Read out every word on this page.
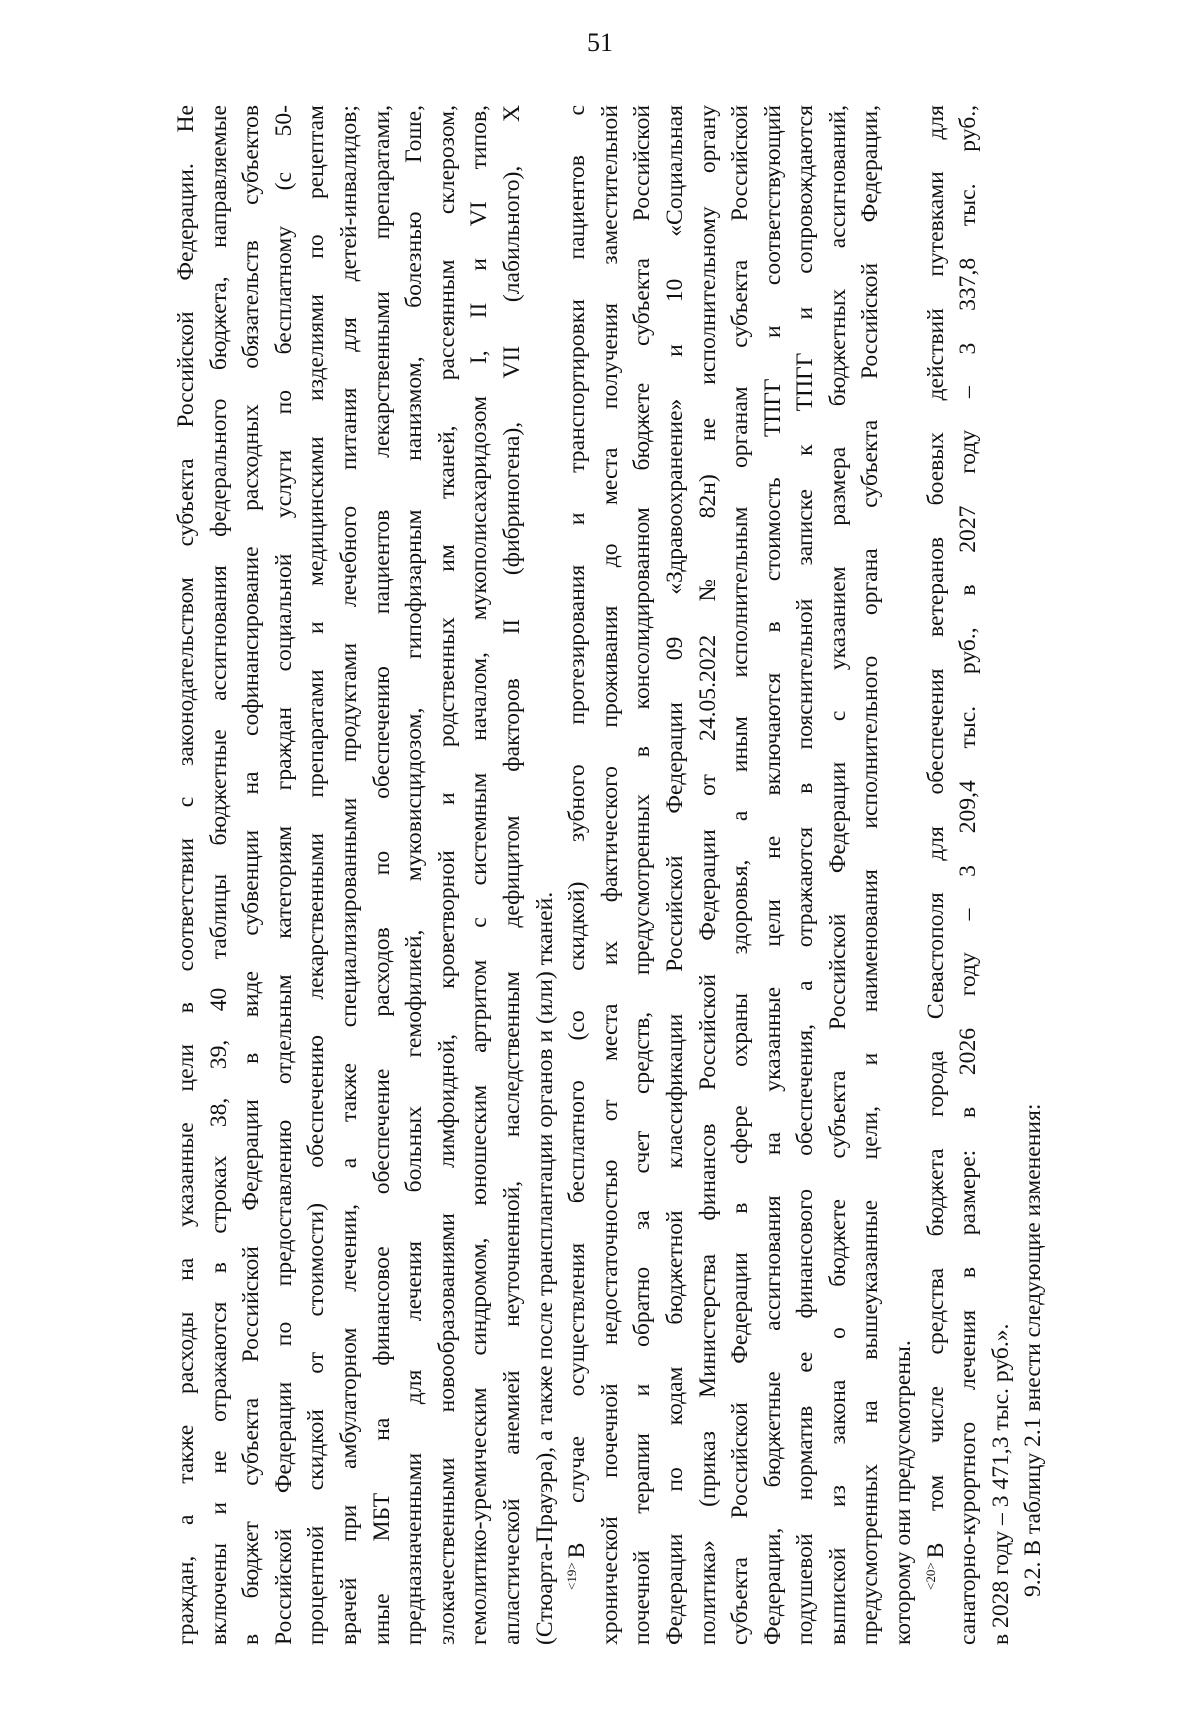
51
граждан, а также расходы на указанные цели в соответствии с законодательством субъекта Российской Федерации. Не включены и не отражаются в строках 38, 39, 40 таблицы бюджетные ассигнования федерального бюджета, направляемые в бюджет субъекта Российской Федерации в виде субвенции на софинансирование расходных обязательств субъектов Российской Федерации по предоставлению отдельным категориям граждан социальной услуги по бесплатному (с 50- процентной скидкой от стоимости) обеспечению лекарственными препаратами и медицинскими изделиями по рецептам врачей при амбулаторном лечении, а также специализированными продуктами лечебного питания для детей-инвалидов; иные МБТ на финансовое обеспечение расходов по обеспечению пациентов лекарственными препаратами, предназначенными для лечения больных гемофилией, муковисцидозом, гипофизарным нанизмом, болезнью Гоше, злокачественными новообразованиями лимфоидной, кроветворной и родственных им тканей, рассеянным склерозом, гемолитико-уремическим синдромом, юношеским артритом с системным началом, мукополисахаридозом I, II и VI типов, апластической анемией неуточненной, наследственным дефицитом факторов II (фибриногена), VII (лабильного), X (Стюарта-Прауэра), а также после трансплантации органов и (или) тканей. $^{<19>}$В случае осуществления бесплатного (со скидкой) зубного протезирования и транспортировки пациентов с хронической почечной недостаточностью от места их фактического проживания до места получения заместительной почечной терапии и обратно за счет средств, предусмотренных в консолидированном бюджете субъекта Российской Федерации по кодам бюджетной классификации Российской Федерации 09 «Здравоохранение» и 10 «Социальная политика» (приказ Министерства финансов Российской Федерации от 24.05.2022 № 82н) не исполнительному органу субъекта Российской Федерации в сфере охраны здоровья, а иным исполнительным органам субъекта Российской Федерации, бюджетные ассигнования на указанные цели не включаются в стоимость ТПГГ и соответствующий подушевой норматив ее финансового обеспечения, а отражаются в пояснительной записке к ТПГГ и сопровождаются выпиской из закона о бюджете субъекта Российской Федерации с указанием размера бюджетных ассигнований, предусмотренных на вышеуказанные цели, и наименования исполнительного органа субъекта Российской Федерации, которому они предусмотрены. $^{<20>}$В том числе средства бюджета города Севастополя для обеспечения ветеранов боевых действий путевками для санаторно-курортного лечения в размере: в 2026 году – 3 209,4 тыс. руб., в 2027 году – 3 337,8 тыс. руб., в 2028 году – 3 471,3 тыс. руб.». 9.2. В таблицу 2.1 внести следующие изменения:
